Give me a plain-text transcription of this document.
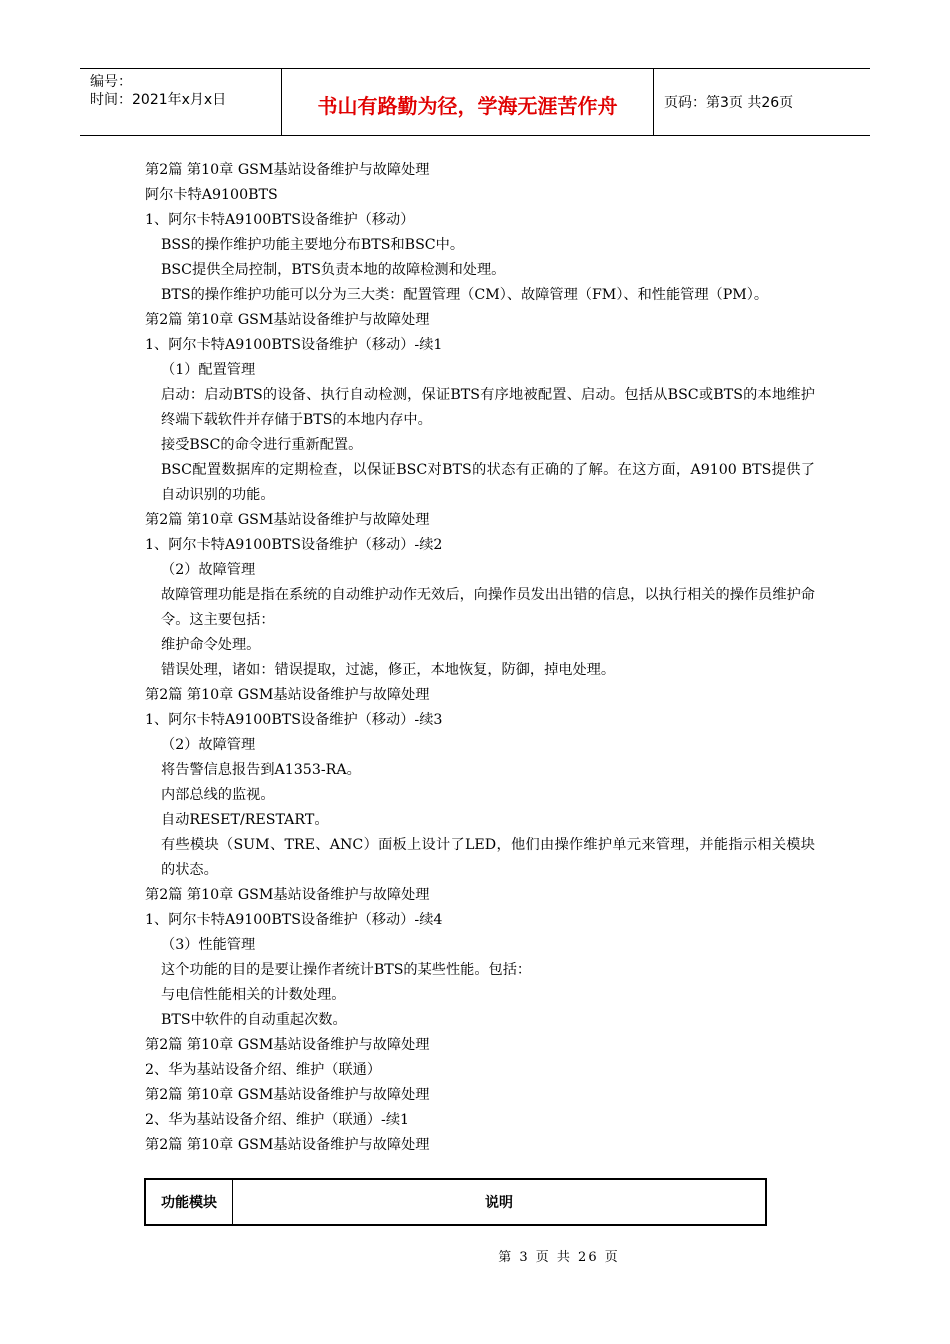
编号：
时间：2021年x月x日	书山有路勤为径，学海无涯苦作舟	页码：第3页 共26页

第2篇 第10章 GSM基站设备维护与故障处理

阿尔卡特A9100BTS

1、阿尔卡特A9100BTS设备维护（移动）

BSS的操作维护功能主要地分布BTS和BSC中。

BSC提供全局控制，BTS负责本地的故障检测和处理。

BTS的操作维护功能可以分为三大类：配置管理（CM）、故障管理（FM）、和性能管理（PM）。

第2篇 第10章 GSM基站设备维护与故障处理

1、阿尔卡特A9100BTS设备维护（移动）-续1

（1）配置管理

启动：启动BTS的设备、执行自动检测，保证BTS有序地被配置、启动。包括从BSC或BTS的本地维护终端下载软件并存储于BTS的本地内存中。

接受BSC的命令进行重新配置。

BSC配置数据库的定期检查，以保证BSC对BTS的状态有正确的了解。在这方面，A9100 BTS提供了自动识别的功能。

第2篇 第10章 GSM基站设备维护与故障处理

1、阿尔卡特A9100BTS设备维护（移动）-续2

（2）故障管理

故障管理功能是指在系统的自动维护动作无效后，向操作员发出出错的信息，以执行相关的操作员维护命令。这主要包括：

维护命令处理。

错误处理，诸如：错误提取，过滤，修正，本地恢复，防御，掉电处理。

第2篇 第10章 GSM基站设备维护与故障处理

1、阿尔卡特A9100BTS设备维护（移动）-续3

（2）故障管理

将告警信息报告到A1353-RA。

内部总线的监视。

自动RESET/RESTART。

有些模块（SUM、TRE、ANC）面板上设计了LED，他们由操作维护单元来管理，并能指示相关模块的状态。

第2篇 第10章 GSM基站设备维护与故障处理

1、阿尔卡特A9100BTS设备维护（移动）-续4

（3）性能管理

这个功能的目的是要让操作者统计BTS的某些性能。包括：

与电信性能相关的计数处理。

BTS中软件的自动重起次数。

第2篇 第10章 GSM基站设备维护与故障处理

2、华为基站设备介绍、维护（联通）

第2篇 第10章 GSM基站设备维护与故障处理

2、华为基站设备介绍、维护（联通）-续1

第2篇 第10章 GSM基站设备维护与故障处理

功能模块	说明
第 3 页 共 26 页
